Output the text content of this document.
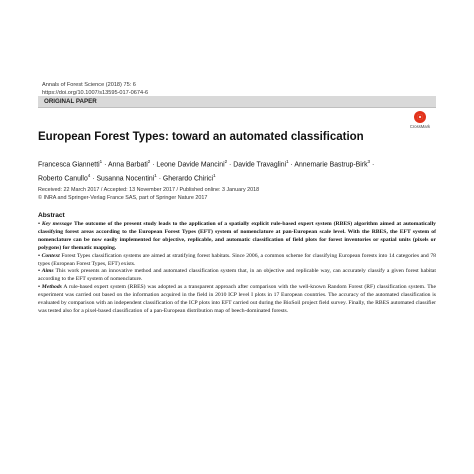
Annals of Forest Science (2018) 75: 6
https://doi.org/10.1007/s13595-017-0674-6
ORIGINAL PAPER
CrossMark
European Forest Types: toward an automated classification
Francesca Giannetti$^1$ · Anna Barbati$^2$ · Leone Davide Mancini$^2$ · Davide Travaglini$^1$ · Annemarie Bastrup-Birk$^3$ ·
Roberto Canullo$^4$ · Susanna Nocentini$^1$ · Gherardo Chirici$^1$
Received: 22 March 2017 / Accepted: 13 November 2017 / Published online: 3 January 2018
© INRA and Springer-Verlag France SAS, part of Springer Nature 2017
Abstract

• Key message The outcome of the present study leads to the application of a spatially explicit rule-based expert system (RBES) algorithm aimed at automatically classifying forest areas according to the European Forest Types (EFT) system of nomenclature at pan-European scale level. With the RBES, the EFT system of nomenclature can be now easily implemented for objective, replicable, and automatic classification of field plots for forest inventories or spatial units (pixels or polygons) for thematic mapping.

• Context Forest Types classification systems are aimed at stratifying forest habitats. Since 2006, a common scheme for classifying European forests into 14 categories and 78 types (European Forest Types, EFT) exists.

• Aims This work presents an innovative method and automated classification system that, in an objective and replicable way, can accurately classify a given forest habitat according to the EFT system of nomenclature.

• Methods A rule-based expert system (RBES) was adopted as a transparent approach after comparison with the well-known Random Forest (RF) classification system. The experiment was carried out based on the information acquired in the field in 2010 ICP level I plots in 17 European countries. The accuracy of the automated classification is evaluated by comparison with an independent classification of the ICP plots into EFT carried out during the BioSoil project field survey. Finally, the RBES automated classifier was tested also for a pixel-based classification of a pan-European distribution map of beech-dominated forests.
